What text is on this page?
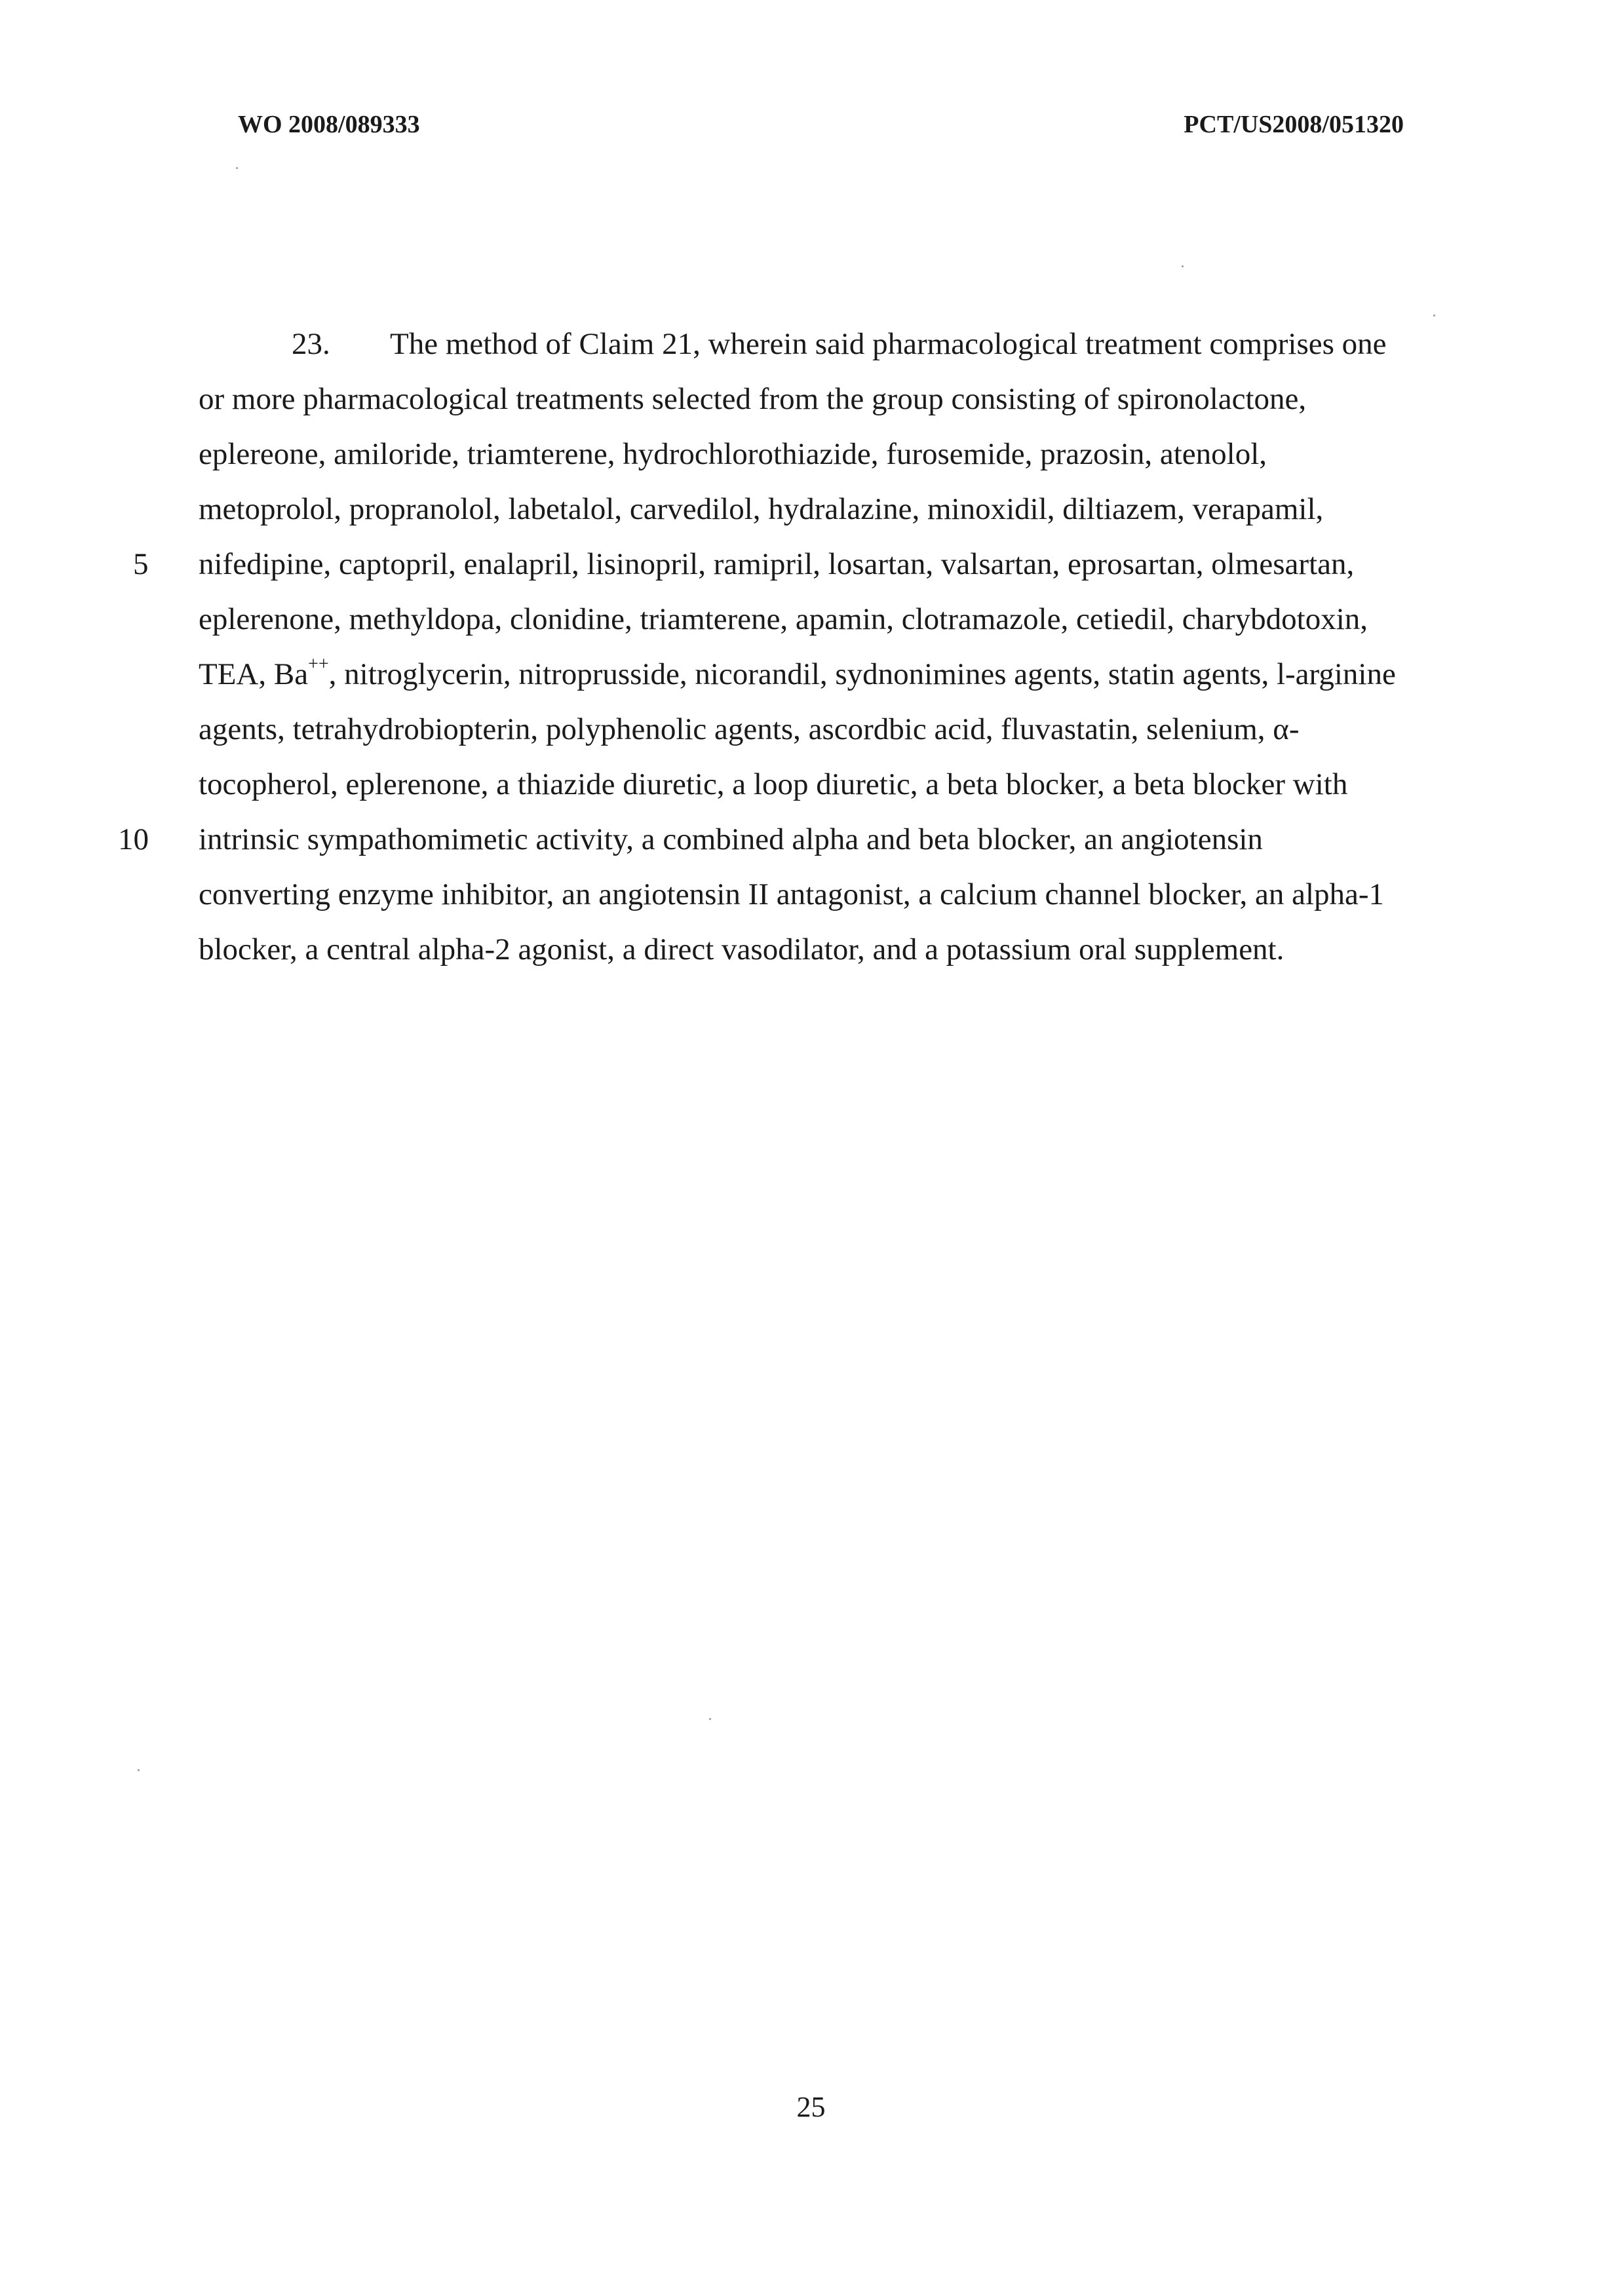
WO 2008/089333	PCT/US2008/051320
23. The method of Claim 21, wherein said pharmacological treatment comprises one
or more pharmacological treatments selected from the group consisting of spironolactone,
eplereone, amiloride, triamterene, hydrochlorothiazide, furosemide, prazosin, atenolol,
metoprolol, propranolol, labetalol, carvedilol, hydralazine, minoxidil, diltiazem, verapamil,
5 nifedipine, captopril, enalapril, lisinopril, ramipril, losartan, valsartan, eprosartan, olmesartan,
eplerenone, methyldopa, clonidine, triamterene, apamin, clotramazole, cetiedil, charybdotoxin,
TEA, Ba++, nitroglycerin, nitroprusside, nicorandil, sydnonimines agents, statin agents, l-arginine
agents, tetrahydrobiopterin, polyphenolic agents, ascordbic acid, fluvastatin, selenium, α-
tocopherol, eplerenone, a thiazide diuretic, a loop diuretic, a beta blocker, a beta blocker with
10 intrinsic sympathomimetic activity, a combined alpha and beta blocker, an angiotensin
converting enzyme inhibitor, an angiotensin II antagonist, a calcium channel blocker, an alpha-1
blocker, a central alpha-2 agonist, a direct vasodilator, and a potassium oral supplement.
25
